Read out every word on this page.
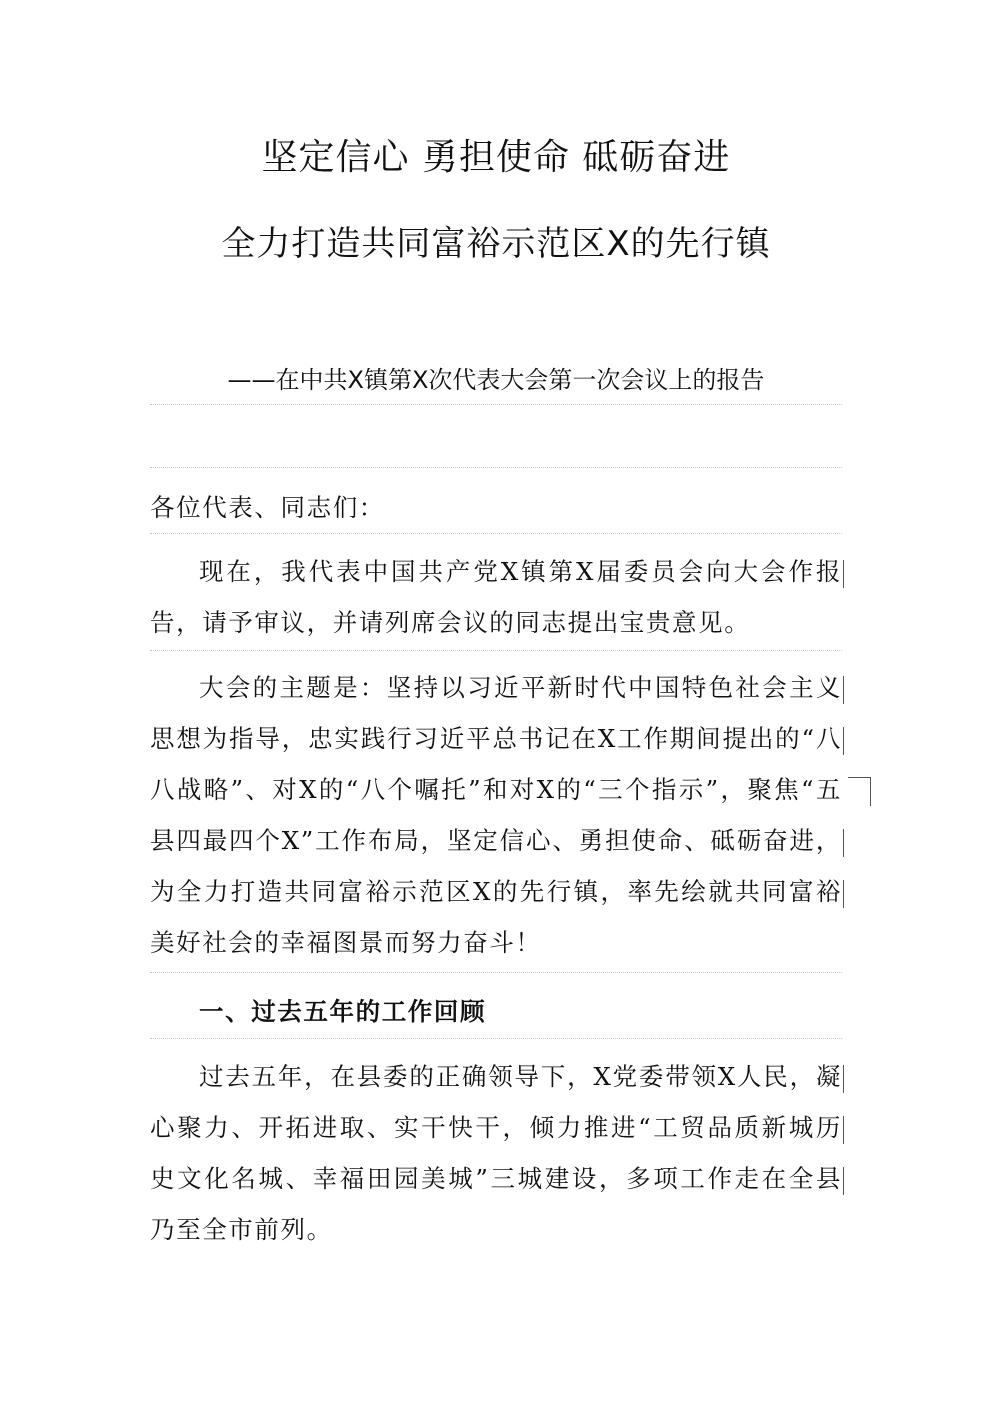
坚定信心 勇担使命 砥砺奋进
全力打造共同富裕示范区X的先行镇
——在中共X镇第X次代表大会第一次会议上的报告
各位代表、同志们：
现在，我代表中国共产党X镇第X届委员会向大会作报告，请予审议，并请列席会议的同志提出宝贵意见。
大会的主题是：坚持以习近平新时代中国特色社会主义思想为指导，忠实践行习近平总书记在X工作期间提出的“八八战略”、对X的“八个嘱托”和对X的“三个指示”，聚焦“五县四最四个X”工作布局，坚定信心、勇担使命、砥砺奋进，为全力打造共同富裕示范区X的先行镇，率先绘就共同富裕美好社会的幸福图景而努力奋斗！
一、过去五年的工作回顾
过去五年，在县委的正确领导下，X党委带领X人民，凝心聚力、开拓进取、实干快干，倾力推进“工贸品质新城历史文化名城、幸福田园美城”三城建设，多项工作走在全县乃至全市前列。
